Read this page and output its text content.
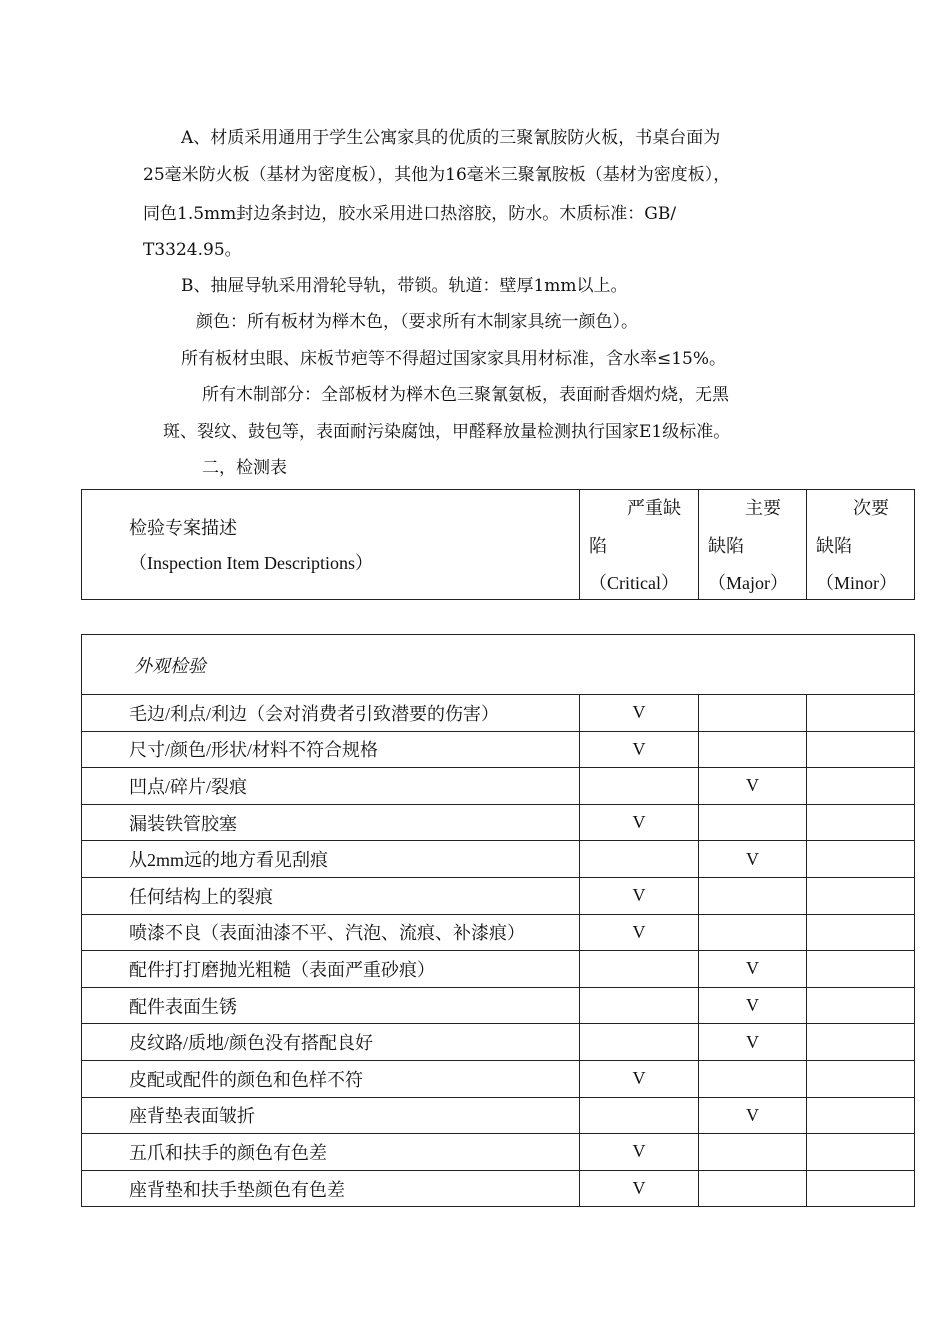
A、材质采用通用于学生公寓家具的优质的三聚氰胺防火板，书桌台面为
25毫米防火板（基材为密度板），其他为16毫米三聚氰胺板（基材为密度板），
同色1.5mm封边条封边，胶水采用进口热溶胶，防水。木质标准：GB/
T3324.95。
B、抽屉导轨采用滑轮导轨，带锁。轨道：壁厚1mm以上。
颜色：所有板材为榉木色，（要求所有木制家具统一颜色）。
所有板材虫眼、床板节疤等不得超过国家家具用材标准，含水率≤15%。
所有木制部分：全部板材为榉木色三聚氰氨板，表面耐香烟灼烧，无黑
斑、裂纹、鼓包等，表面耐污染腐蚀，甲醛释放量检测执行国家E1级标准。
二，检测表
检验专案描述
（Inspection Item Descriptions）

严重缺
陷
（Critical）

主要
缺陷
（Major）

次要
缺陷
（Minor）
外观检验			
毛边/利点/利边（会对消费者引致潜要的伤害）	V		
尺寸/颜色/形状/材料不符合规格	V		
凹点/碎片/裂痕		V	
漏装铁管胶塞	V		
从2mm远的地方看见刮痕		V	
任何结构上的裂痕	V		
喷漆不良（表面油漆不平、汽泡、流痕、补漆痕）	V		
配件打打磨抛光粗糙（表面严重砂痕）		V	
配件表面生锈		V	
皮纹路/质地/颜色没有搭配良好		V	
皮配或配件的颜色和色样不符	V		
座背垫表面皱折		V	
五爪和扶手的颜色有色差	V		
座背垫和扶手垫颜色有色差	V		
